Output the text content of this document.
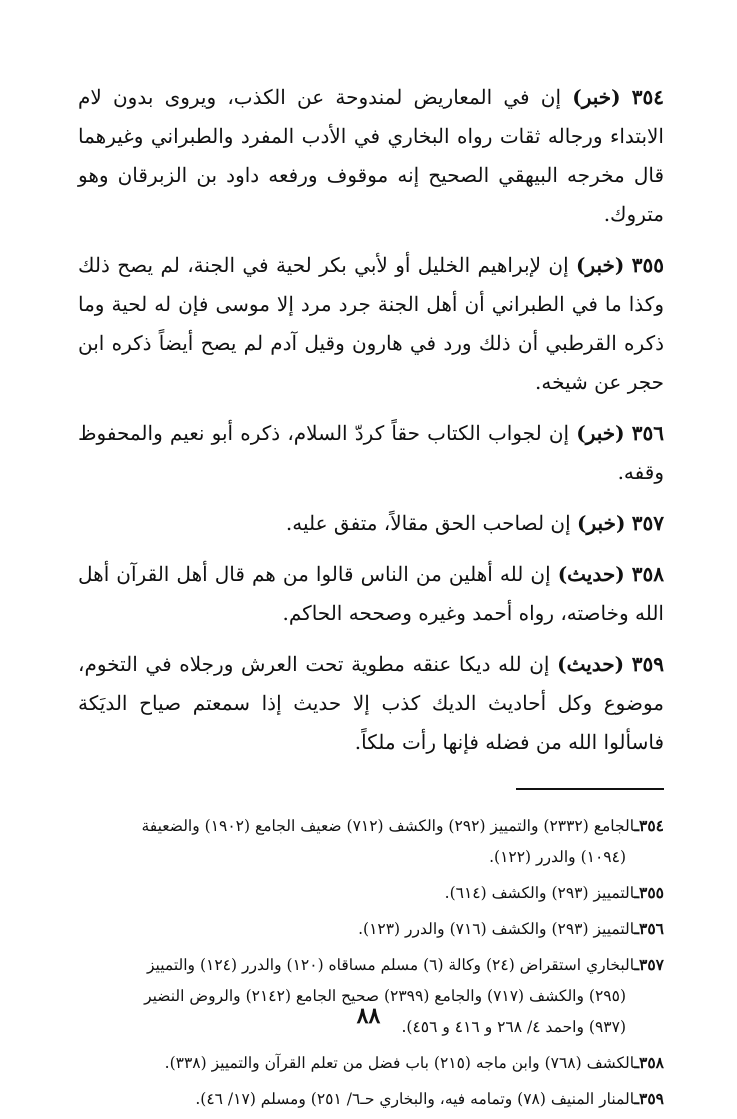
٣٥٤ (خبر) إن في المعاريض لمندوحة عن الكذب، ويروى بدون لام الابتداء ورجاله ثقات رواه البخاري في الأدب المفرد والطبراني وغيرهما قال مخرجه البيهقي الصحيح إنه موقوف ورفعه داود بن الزبرقان وهو متروك.

٣٥٥ (خبر) إن لإبراهيم الخليل أو لأبي بكر لحية في الجنة، لم يصح ذلك وكذا ما في الطبراني أن أهل الجنة جرد مرد إلا موسى فإن له لحية وما ذكره القرطبي أن ذلك ورد في هارون وقيل آدم لم يصح أيضاً ذكره ابن حجر عن شيخه.

٣٥٦ (خبر) إن لجواب الكتاب حقاً كردّ السلام، ذكره أبو نعيم والمحفوظ وقفه.

٣٥٧ (خبر) إن لصاحب الحق مقالاً، متفق عليه.

٣٥٨ (حديث) إن لله أهلين من الناس قالوا من هم قال أهل القرآن أهل الله وخاصته، رواه أحمد وغيره وصححه الحاكم.

٣٥٩ (حديث) إن لله ديكا عنقه مطوية تحت العرش ورجلاه في التخوم، موضوع وكل أحاديث الديك كذب إلا حديث إذا سمعتم صياح الديَكة فاسألوا الله من فضله فإنها رأت ملكاً.

٣٥٤ـالجامع (٢٣٣٢) والتمييز (٢٩٢) والكشف (٧١٢) ضعيف الجامع (١٩٠٢) والضعيفة
(١٠٩٤) والدرر (١٢٢).
٣٥٥ـالتمييز (٢٩٣) والكشف (٦١٤).
٣٥٦ـالتمييز (٢٩٣) والكشف (٧١٦) والدرر (١٢٣).
٣٥٧ـالبخاري استقراض (٢٤) وكالة (٦) مسلم مساقاه (١٢٠) والدرر (١٢٤) والتمييز
(٢٩٥) والكشف (٧١٧) والجامع (٢٣٩٩) صحيح الجامع (٢١٤٢) والروض النضير
(٩٣٧) واحمد ٤/ ٢٦٨ و ٤١٦ و ٤٥٦).
٣٥٨ـالكشف (٧٦٨) وابن ماجه (٢١٥) باب فضل من تعلم القرآن والتمييز (٣٣٨).
٣٥٩ـالمنار المنيف (٧٨) وتمامه فيه، والبخاري حـ٦/ ٢٥١) ومسلم (١٧/ ٤٦).
٨٨
